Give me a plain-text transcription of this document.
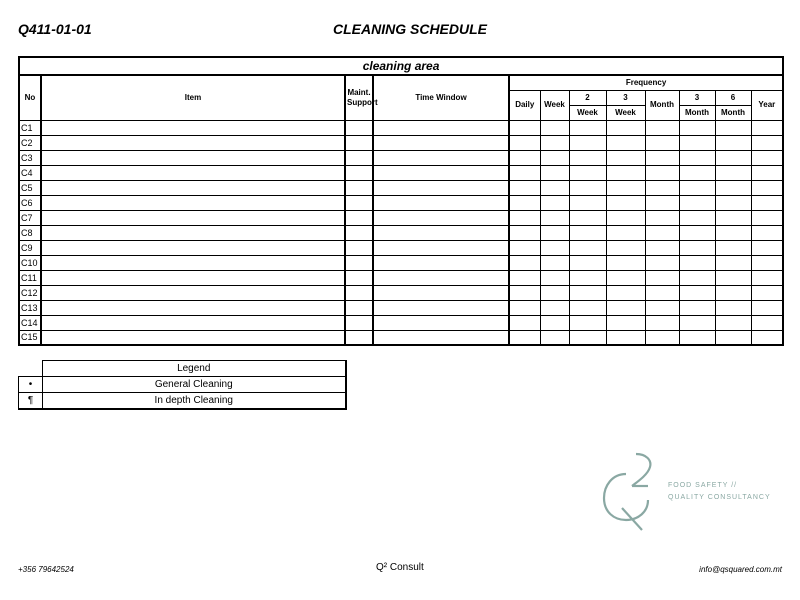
Q411-01-01	CLEANING SCHEDULE
cleaning area											
No	Item	Maint. Support	Time Window	Frequency							
				Daily	Week	2	3	Month	3	6	Year
						Week	Week		Month	Month	
C1											
C2											
C3											
C4											
C5											
C6											
C7											
C8											
C9											
C10											
C11											
C12											
C13											
C14											
C15											
	Legend
•	General Cleaning
¶	In depth Cleaning
FOOD SAFETY //
QUALITY CONSULTANCY
+356 79642524	Q² Consult	info@qsquared.com.mt
